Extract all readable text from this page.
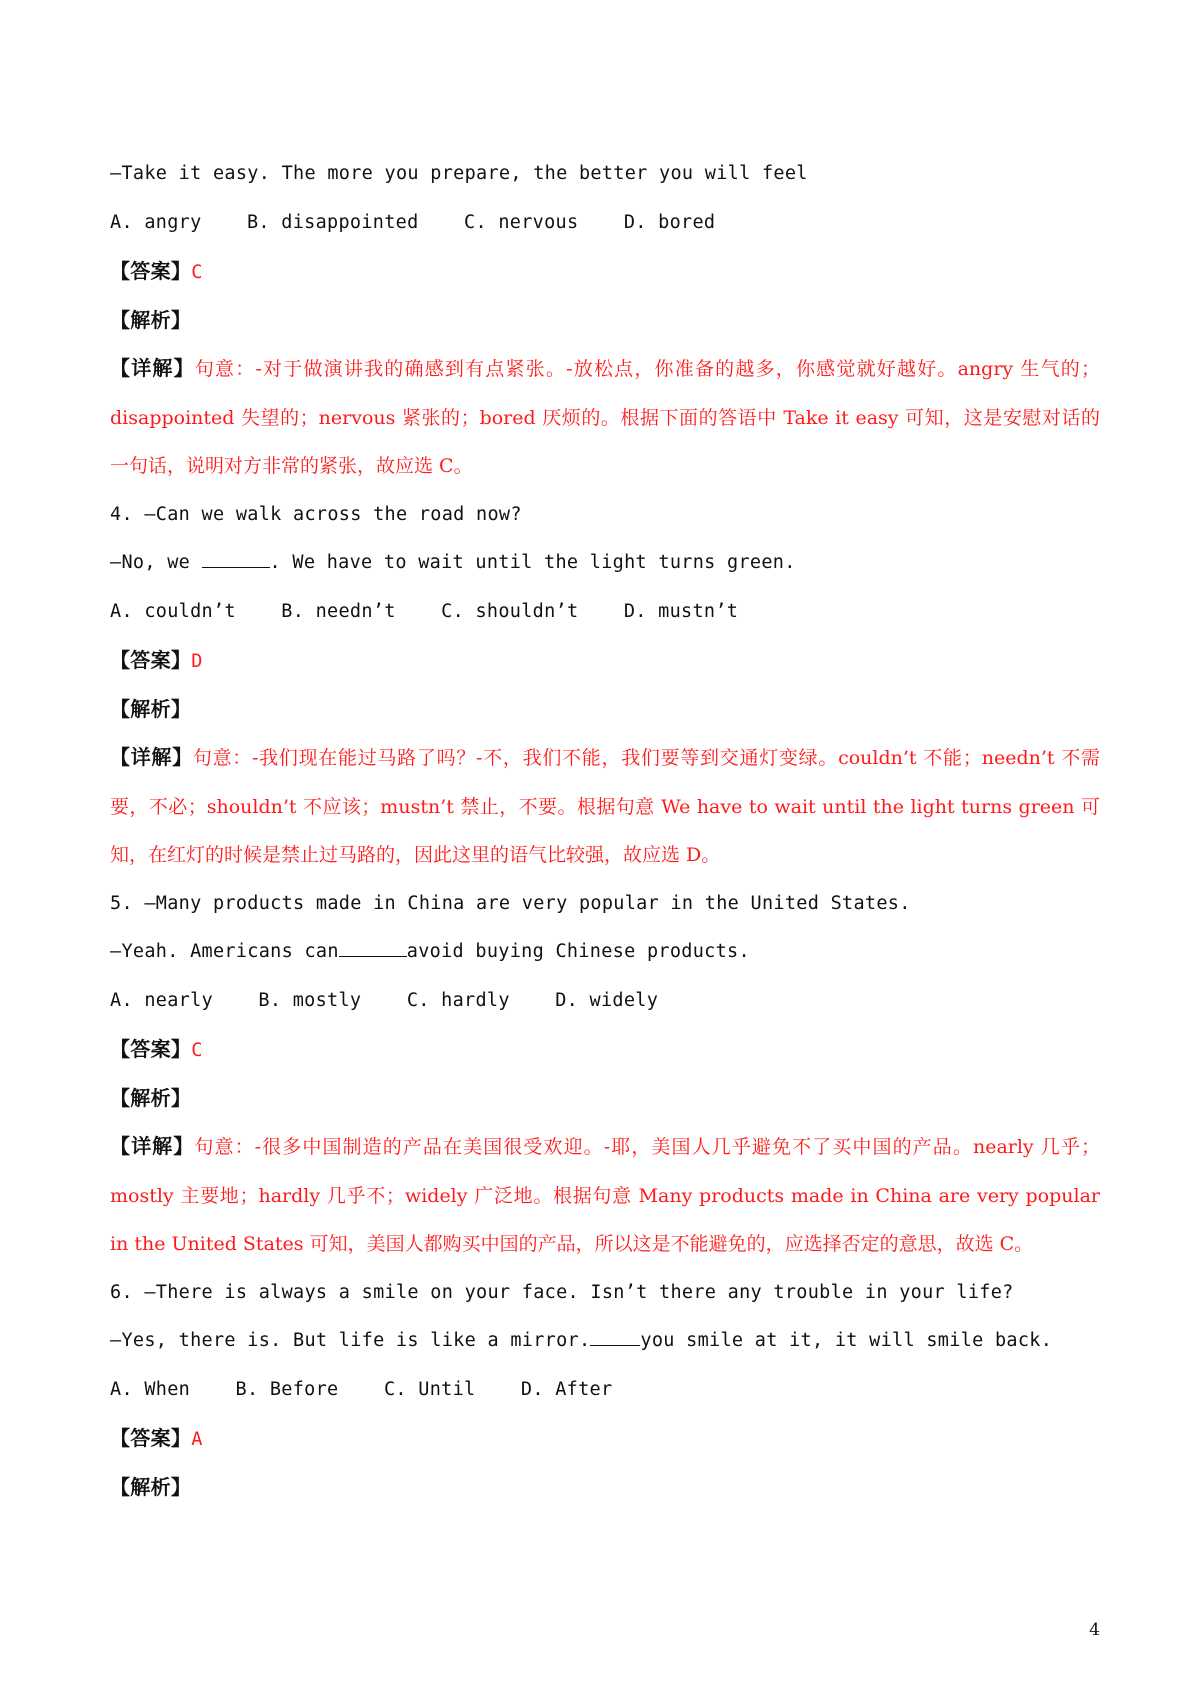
—Take it easy. The more you prepare, the better you will feel
A. angry B. disappointed C. nervous D. bored
【答案】C
【解析】
【详解】句意：-对于做演讲我的确感到有点紧张。-放松点，你准备的越多，你感觉就好越好。angry 生气的；disappointed 失望的；nervous 紧张的；bored 厌烦的。根据下面的答语中 Take it easy 可知，这是安慰对话的一句话，说明对方非常的紧张，故应选 C。
4. —Can we walk across the road now?
—No, we	. We have to wait until the light turns green.
A. couldn’t B. needn’t C. shouldn’t D. mustn’t
【答案】D
【解析】
【详解】句意：-我们现在能过马路了吗？-不，我们不能，我们要等到交通灯变绿。couldn’t 不能；needn’t 不需要，不必；shouldn’t 不应该；mustn’t 禁止，不要。根据句意 We have to wait until the light turns green 可知，在红灯的时候是禁止过马路的，因此这里的语气比较强，故应选 D。
5. —Many products made in China are very popular in the United States.
—Yeah. Americans can	avoid buying Chinese products.
A. nearly B. mostly C. hardly D. widely
【答案】C
【解析】
【详解】句意：-很多中国制造的产品在美国很受欢迎。-耶，美国人几乎避免不了买中国的产品。nearly 几乎；mostly 主要地；hardly 几乎不；widely 广泛地。根据句意 Many products made in China are very popular in the United States 可知，美国人都购买中国的产品，所以这是不能避免的，应选择否定的意思，故选 C。
6. —There is always a smile on your face. Isn’t there any trouble in your life?
—Yes, there is. But life is like a mirror.	you smile at it, it will smile back.
A. When B. Before C. Until D. After
【答案】A
【解析】
4
